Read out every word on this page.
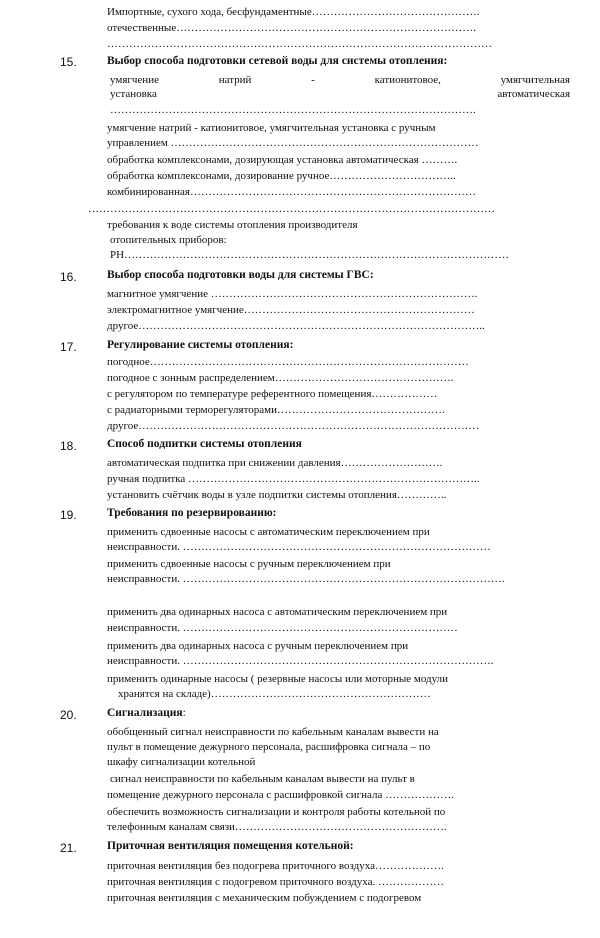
• Импортные, сухого хода, бесфундаментные……………………………………….
• отечественные……………………………………………………………………….
• ……………………………………………………………………………………………
15.	Выбор способа подготовки сетевой воды для системы отопления:
умягчение	натрий	-	катионитовое,	умягчительная
установка	автоматическая
……………………………………………………………………………………….
• умягчение натрий - катионитовое, умягчительная установка с ручным
управлением …………………………………………………………………………
• обработка комплексонами, дозирующая установка автоматическая ……….
• обработка комплексонами, дозирование ручное……………………………..
• комбинированная……………………………………………………………………
…………………………………………………………………………………………………
• требования к воде системы отопления производителя
отопительных приборов:
РН……………………………………………………………………………………………
16.	Выбор способа подготовки воды для системы ГВС:
• магнитное умягчение ……………………………………………………………….
• электромагнитное умягчение………………………………………………………
• другое…………………………………………………………………………………..
17.	Регулирование системы отопления:
• погодное……………………………………………………………………………
• погодное с зонным распределением………………………………………….
• с регулятором по температуре референтного помещения………………
• с радиаторными терморегуляторами……………………………………….
• другое…………………………………………………………………………………
18.	Способ подпитки системы отопления
• автоматическая подпитка при снижении давления……………………….
• ручная подпитка ……………………………………………………………………..
• установить счётчик воды в узле подпитки системы отопления…………..
19.	Требования по резервированию:
• применить сдвоенные насосы с автоматическим переключением при
неисправности. …………………………………………………………………………
• применить сдвоенные насосы с ручным переключением при
неисправности. …………………………………………………………………………….
• применить два одинарных насоса с автоматическим переключением при
неисправности. …………………………………………………………………
• применить два одинарных насоса с ручным переключением при
неисправности. ………………………………………………………………………….
• применить одинарные насосы ( резервные насосы или моторные модули
хранятся на складе)……………………………………………………
20.	Сигнализация:
• обобщенный сигнал неисправности по кабельным каналам вывести на
пульт в помещение дежурного персонала, расшифровка сигнала – по
шкафу сигнализации котельной
• сигнал неисправности по кабельным каналам вывести на пульт в
помещение дежурного персонала с расшифровкой сигнала ……………….
• обеспечить возможность сигнализации и контроля работы котельной по
телефонным каналам связи………………………………………………….
21.	Приточная вентиляция помещения котельной:
• приточная вентиляция без подогрева приточного воздуха……………….
• приточная вентиляция с подогревом приточного воздуха. ………………
• приточная вентиляция с механическим побуждением с подогревом
